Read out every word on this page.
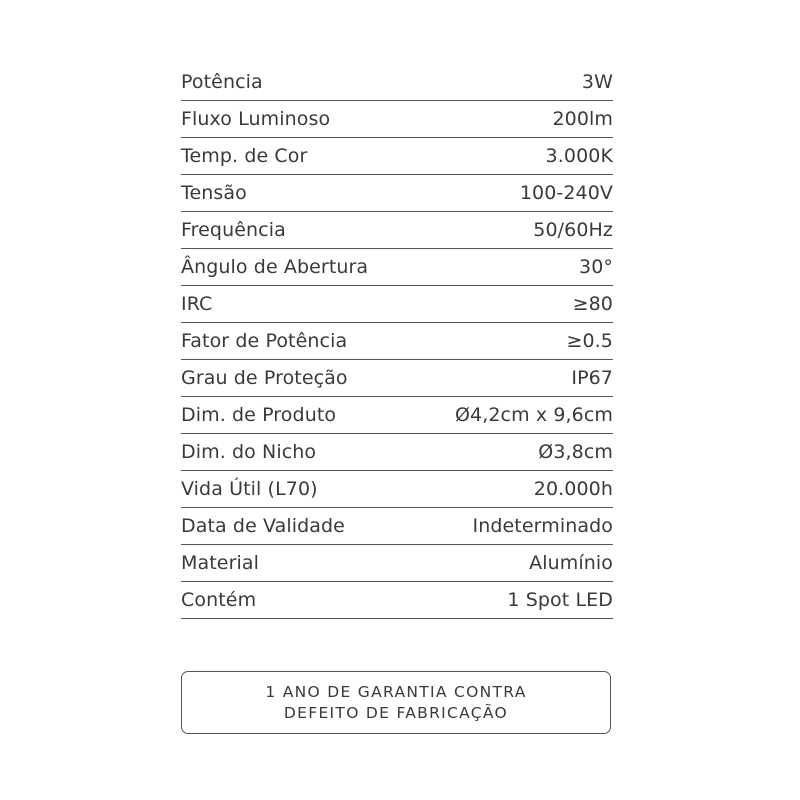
Potência	3W
Fluxo Luminoso	200lm
Temp. de Cor	3.000K
Tensão	100-240V
Frequência	50/60Hz
Ângulo de Abertura	30°
IRC	≥80
Fator de Potência	≥0.5
Grau de Proteção	IP67
Dim. de Produto	Ø4,2cm x 9,6cm
Dim. do Nicho	Ø3,8cm
Vida Útil (L70)	20.000h
Data de Validade	Indeterminado
Material	Alumínio
Contém	1 Spot LED
1 ANO DE GARANTIA CONTRA
DEFEITO DE FABRICAÇÃO
